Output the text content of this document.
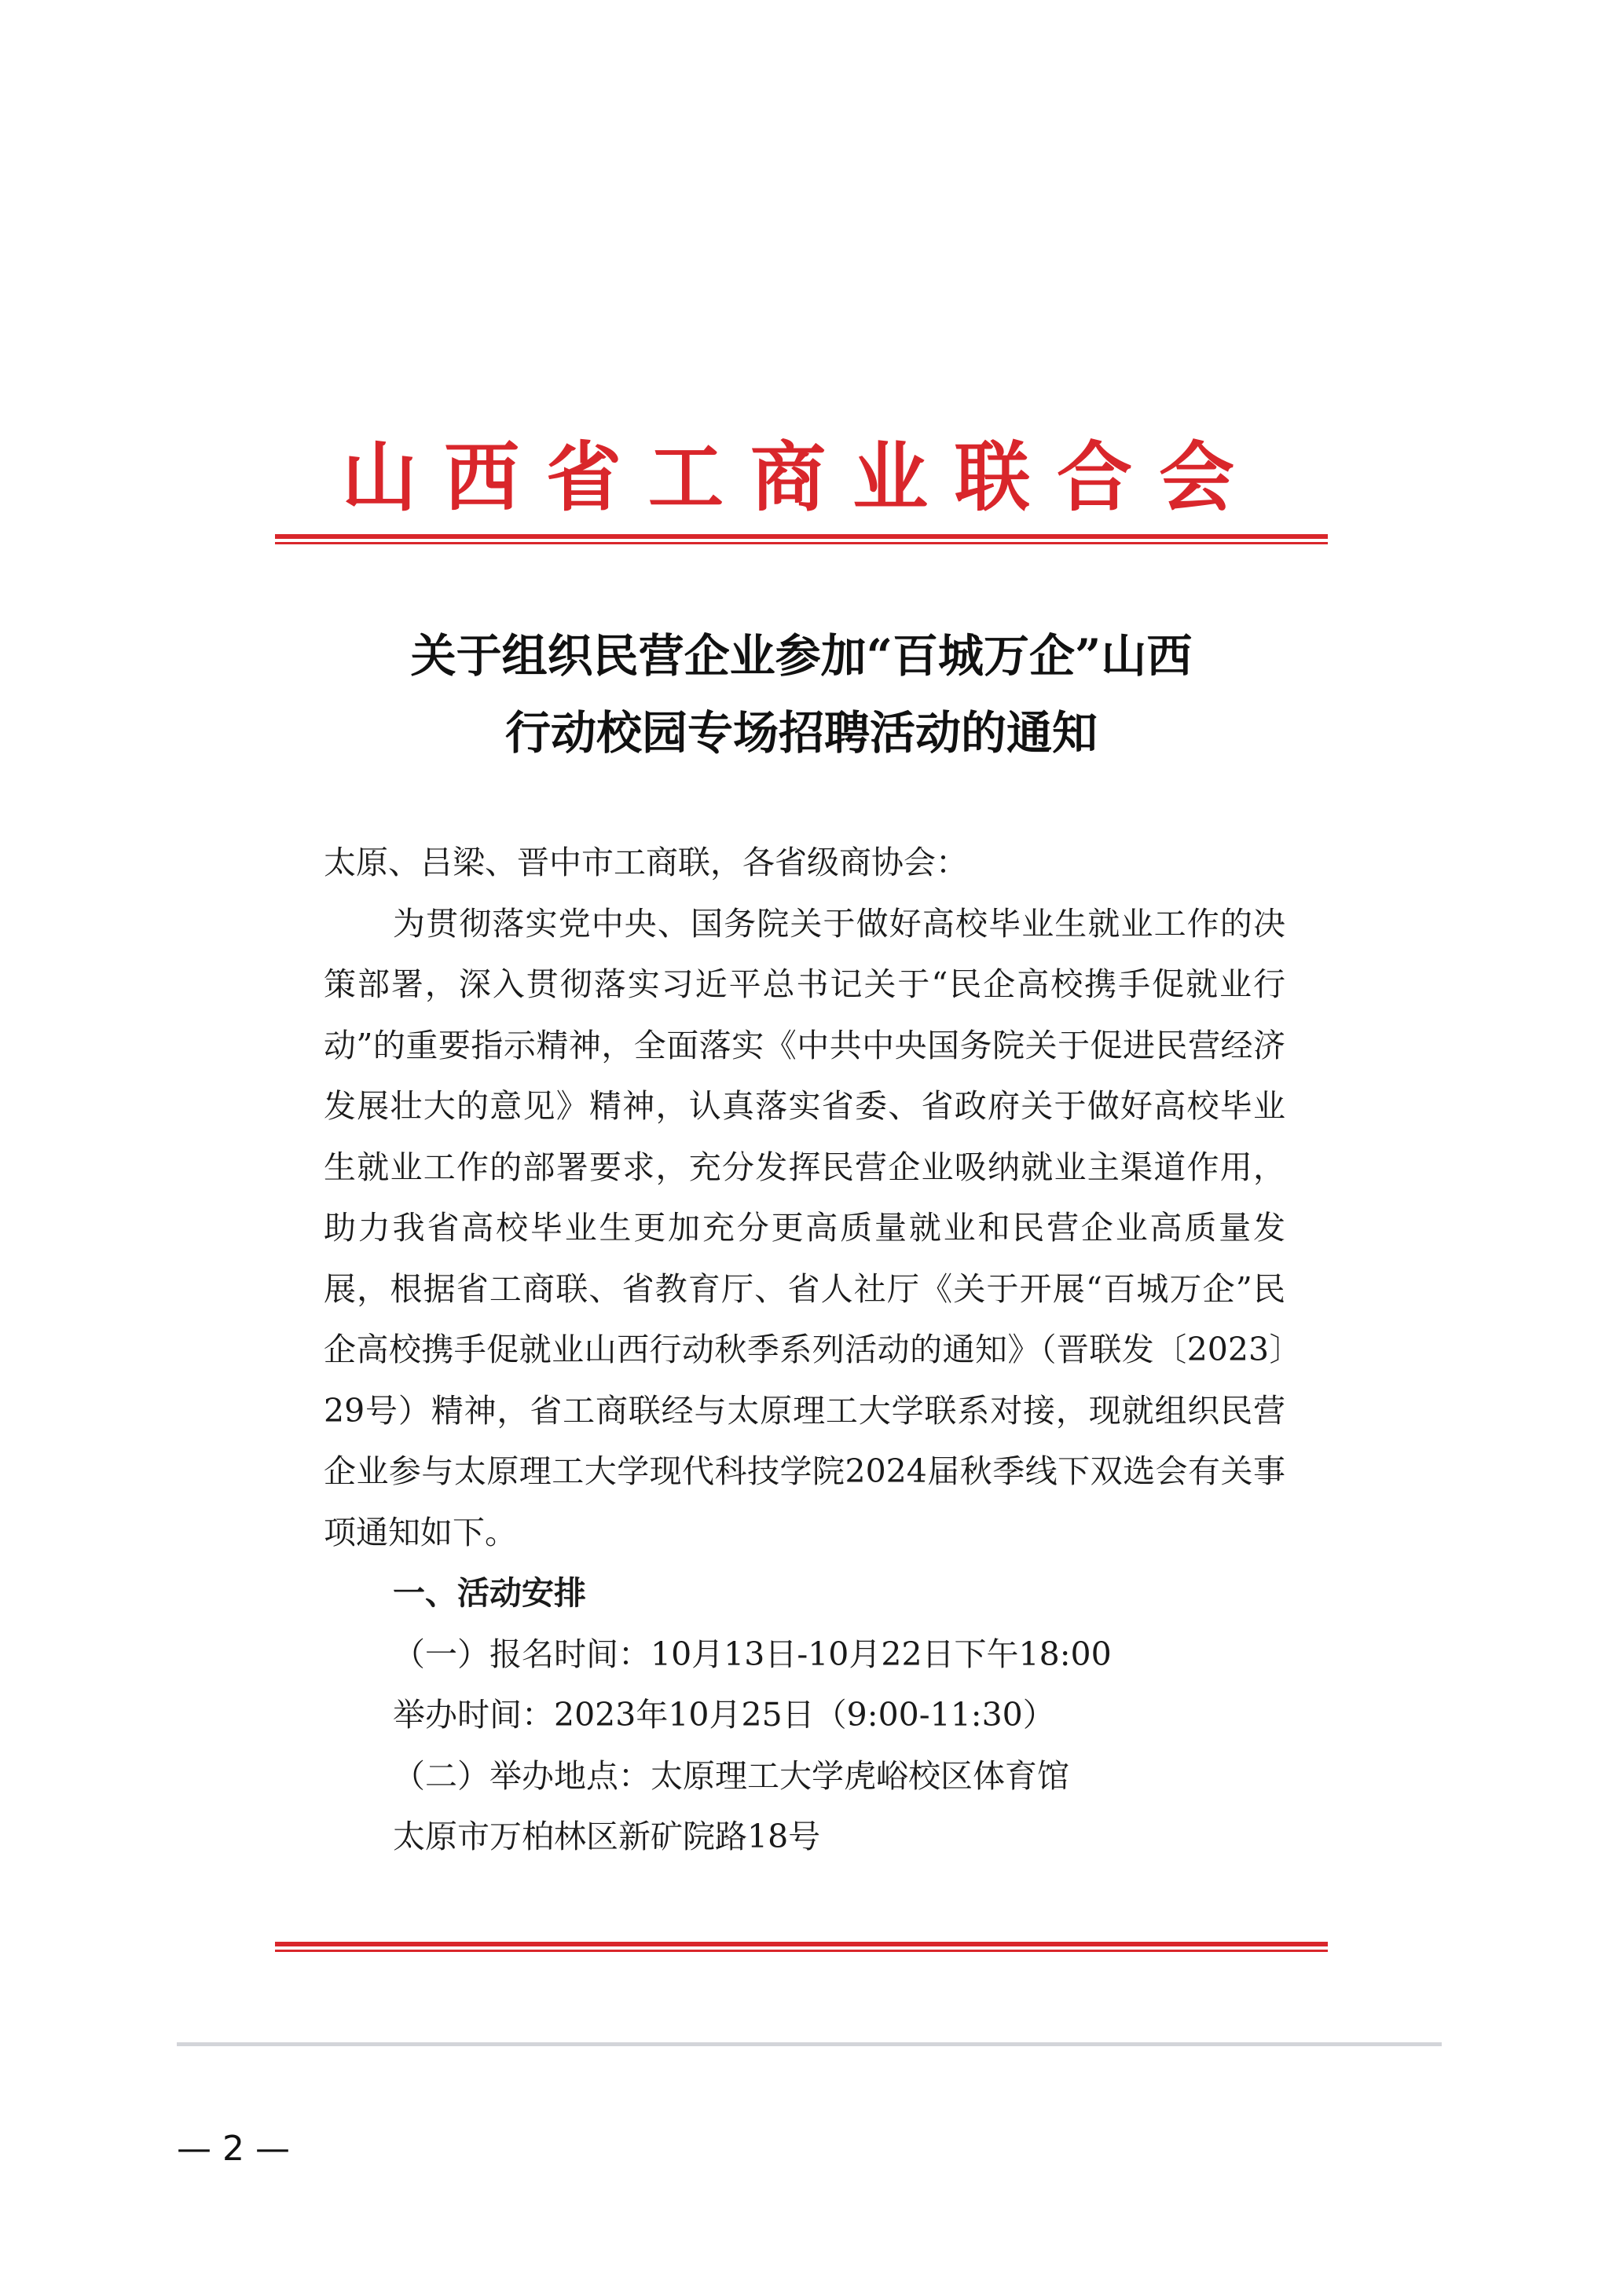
山西省工商业联合会
关于组织民营企业参加“百城万企”山西
行动校园专场招聘活动的通知

太原、吕梁、晋中市工商联，各省级商协会：

为贯彻落实党中央、国务院关于做好高校毕业生就业工作的决策部署，深入贯彻落实习近平总书记关于“民企高校携手促就业行动”的重要指示精神，全面落实《中共中央国务院关于促进民营经济发展壮大的意见》精神，认真落实省委、省政府关于做好高校毕业生就业工作的部署要求，充分发挥民营企业吸纳就业主渠道作用，助力我省高校毕业生更加充分更高质量就业和民营企业高质量发展，根据省工商联、省教育厅、省人社厅《关于开展“百城万企”民企高校携手促就业山西行动秋季系列活动的通知》（晋联发〔2023〕29号）精神，省工商联经与太原理工大学联系对接，现就组织民营企业参与太原理工大学现代科技学院2024届秋季线下双选会有关事项通知如下。

一、活动安排

（一）报名时间：10月13日-10月22日下午18:00

举办时间：2023年10月25日（9:00-11:30）

（二）举办地点：太原理工大学虎峪校区体育馆

太原市万柏林区新矿院路18号

— 2 —
